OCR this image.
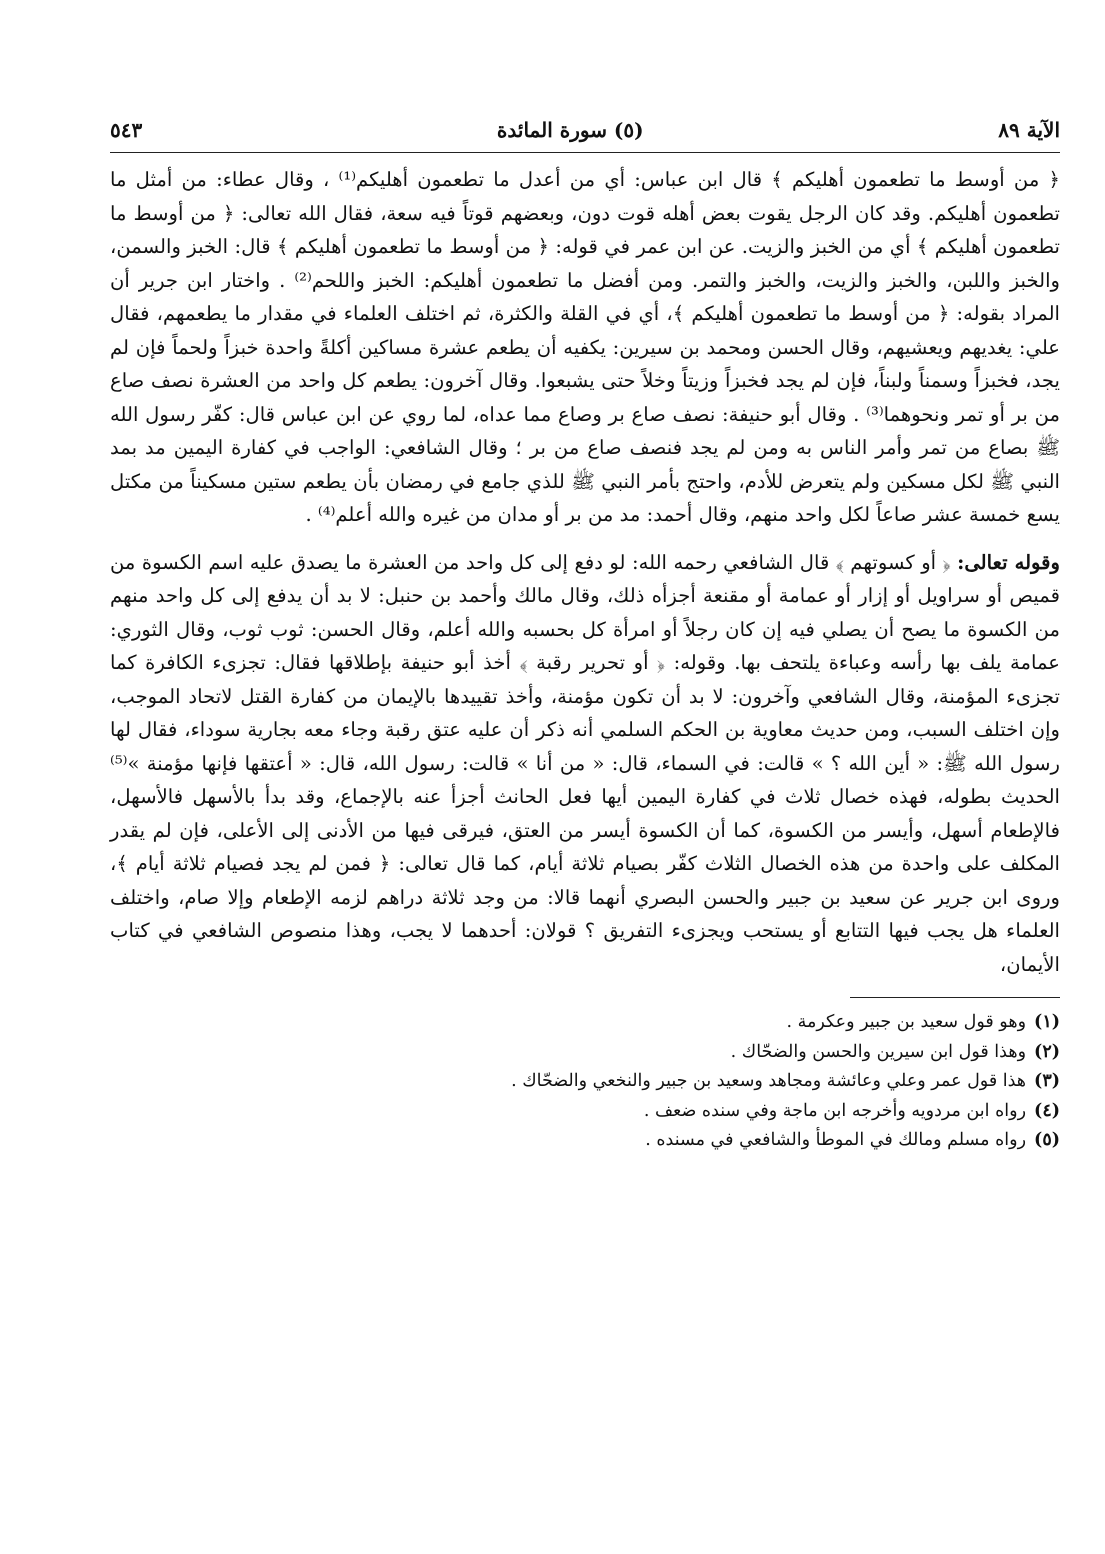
الآية ٨٩
(٥) سورة المائدة
٥٤٣

﴿ من أوسط ما تطعمون أهليكم ﴾ قال ابن عباس: أي من أعدل ما تطعمون أهليكم⁽¹⁾ ، وقال عطاء: من أمثل ما تطعمون أهليكم. وقد كان الرجل يقوت بعض أهله قوت دون، وبعضهم قوتاً فيه سعة، فقال الله تعالى: ﴿ من أوسط ما تطعمون أهليكم ﴾ أي من الخبز والزيت. عن ابن عمر في قوله: ﴿ من أوسط ما تطعمون أهليكم ﴾ قال: الخبز والسمن، والخبز واللبن، والخبز والزيت، والخبز والتمر. ومن أفضل ما تطعمون أهليكم: الخبز واللحم⁽²⁾ . واختار ابن جرير أن المراد بقوله: ﴿ من أوسط ما تطعمون أهليكم ﴾، أي في القلة والكثرة، ثم اختلف العلماء في مقدار ما يطعمهم، فقال علي: يغديهم ويعشيهم، وقال الحسن ومحمد بن سيرين: يكفيه أن يطعم عشرة مساكين أكلةً واحدة خبزاً ولحماً فإن لم يجد، فخبزاً وسمناً ولبناً، فإن لم يجد فخبزاً وزيتاً وخلاً حتى يشبعوا. وقال آخرون: يطعم كل واحد من العشرة نصف صاع من بر أو تمر ونحوهما⁽³⁾ . وقال أبو حنيفة: نصف صاع بر وصاع مما عداه، لما روي عن ابن عباس قال: كفّر رسول الله ﷺ بصاع من تمر وأمر الناس به ومن لم يجد فنصف صاع من بر ؛ وقال الشافعي: الواجب في كفارة اليمين مد بمد النبي ﷺ لكل مسكين ولم يتعرض للأدم، واحتج بأمر النبي ﷺ للذي جامع في رمضان بأن يطعم ستين مسكيناً من مكتل يسع خمسة عشر صاعاً لكل واحد منهم، وقال أحمد: مد من بر أو مدان من غيره والله أعلم⁽⁴⁾ .

وقوله تعالى: ﴿ أو كسوتهم ﴾ قال الشافعي رحمه الله: لو دفع إلى كل واحد من العشرة ما يصدق عليه اسم الكسوة من قميص أو سراويل أو إزار أو عمامة أو مقنعة أجزأه ذلك، وقال مالك وأحمد بن حنبل: لا بد أن يدفع إلى كل واحد منهم من الكسوة ما يصح أن يصلي فيه إن كان رجلاً أو امرأة كل بحسبه والله أعلم، وقال الحسن: ثوب ثوب، وقال الثوري: عمامة يلف بها رأسه وعباءة يلتحف بها. وقوله: ﴿ أو تحرير رقبة ﴾ أخذ أبو حنيفة بإطلاقها فقال: تجزىء الكافرة كما تجزىء المؤمنة، وقال الشافعي وآخرون: لا بد أن تكون مؤمنة، وأخذ تقييدها بالإيمان من كفارة القتل لاتحاد الموجب، وإن اختلف السبب، ومن حديث معاوية بن الحكم السلمي أنه ذكر أن عليه عتق رقبة وجاء معه بجارية سوداء، فقال لها رسول الله ﷺ: « أين الله ؟ » قالت: في السماء، قال: « من أنا » قالت: رسول الله، قال: « أعتقها فإنها مؤمنة »⁽⁵⁾ الحديث بطوله، فهذه خصال ثلاث في كفارة اليمين أيها فعل الحانث أجزأ عنه بالإجماع، وقد بدأ بالأسهل فالأسهل، فالإطعام أسهل، وأيسر من الكسوة، كما أن الكسوة أيسر من العتق، فيرقى فيها من الأدنى إلى الأعلى، فإن لم يقدر المكلف على واحدة من هذه الخصال الثلاث كفّر بصيام ثلاثة أيام، كما قال تعالى: ﴿ فمن لم يجد فصيام ثلاثة أيام ﴾، وروى ابن جرير عن سعيد بن جبير والحسن البصري أنهما قالا: من وجد ثلاثة دراهم لزمه الإطعام وإلا صام، واختلف العلماء هل يجب فيها التتابع أو يستحب ويجزىء التفريق ؟ قولان: أحدهما لا يجب، وهذا منصوص الشافعي في كتاب الأيمان،

(١)
وهو قول سعيد بن جبير وعكرمة .
(٢)
وهذا قول ابن سيرين والحسن والضحّاك .
(٣)
هذا قول عمر وعلي وعائشة ومجاهد وسعيد بن جبير والنخعي والضحّاك .
(٤)
رواه ابن مردويه وأخرجه ابن ماجة وفي سنده ضعف .
(٥)
رواه مسلم ومالك في الموطأ والشافعي في مسنده .
